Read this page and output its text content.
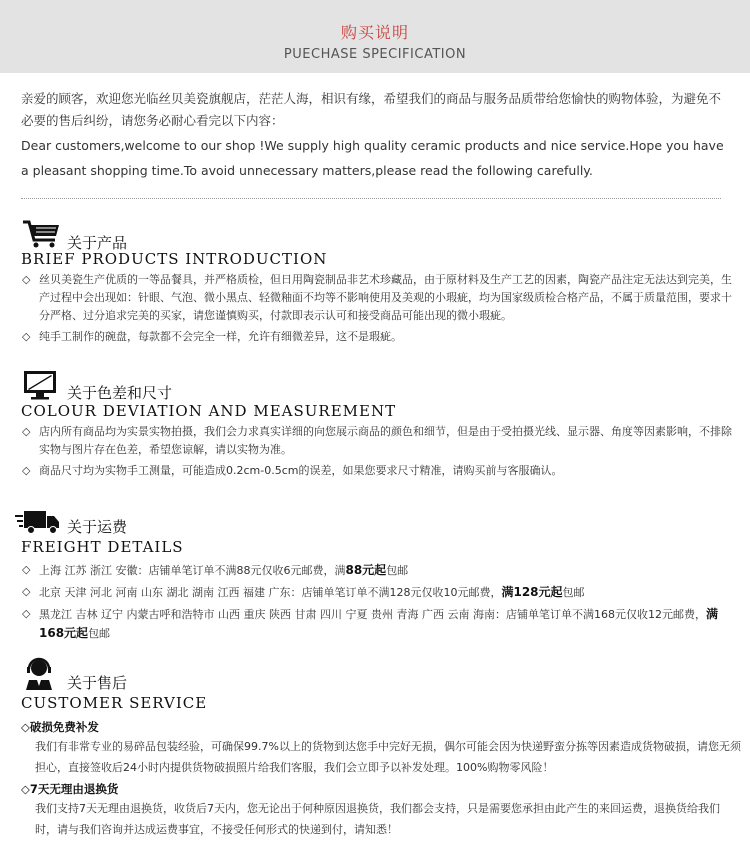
购买说明
PUECHASE SPECIFICATION

亲爱的顾客，欢迎您光临丝贝美瓷旗舰店，茫茫人海，相识有缘，希望我们的商品与服务品质带给您愉快的购物体验，为避免不必要的售后纠纷，请您务必耐心看完以下内容：

Dear customers,welcome to our shop !We supply high quality ceramic products and nice service.Hope you have a pleasant shopping time.To avoid unnecessary matters,please read the following carefully.

关于产品
BRIEF PRODUCTS INTRODUCTION
◇ 丝贝美瓷生产优质的一等品餐具，并严格质检，但日用陶瓷制品非艺术珍藏品，由于原材料及生产工艺的因素，陶瓷产品注定无法达到完美，生产过程中会出现如：针眼、气泡、微小黑点、轻微釉面不均等不影响使用及美观的小瑕疵，均为国家级质检合格产品，不属于质量范围，要求十分严格、过分追求完美的买家，请您谨慎购买，付款即表示认可和接受商品可能出现的微小瑕疵。
◇ 纯手工制作的碗盘，每款都不会完全一样，允许有细微差异，这不是瑕疵。
关于色差和尺寸
COLOUR DEVIATION AND MEASUREMENT
◇ 店内所有商品均为实景实物拍摄，我们会力求真实详细的向您展示商品的颜色和细节，但是由于受拍摄光线、显示器、角度等因素影响，不排除实物与图片存在色差，希望您谅解，请以实物为准。
◇ 商品尺寸均为实物手工测量，可能造成0.2cm-0.5cm的误差，如果您要求尺寸精准，请购买前与客服确认。
关于运费
FREIGHT DETAILS
◇ 上海 江苏 浙江 安徽：店铺单笔订单不满88元仅收6元邮费，满88元起包邮
◇ 北京 天津 河北 河南 山东 湖北 湖南 江西 福建 广东：店铺单笔订单不满128元仅收10元邮费，满128元起包邮
◇ 黑龙江 吉林 辽宁 内蒙古呼和浩特市 山西 重庆 陕西 甘肃 四川 宁夏 贵州 青海 广西 云南 海南：店铺单笔订单不满168元仅收12元邮费，满168元起包邮
关于售后
CUSTOMER SERVICE
◇破损免费补发
我们有非常专业的易碎品包装经验，可确保99.7%以上的货物到达您手中完好无损，偶尔可能会因为快递野蛮分拣等因素造成货物破损，请您无须担心，直接签收后24小时内提供货物破损照片给我们客服，我们会立即予以补发处理。100%购物零风险！
◇7天无理由退换货
我们支持7天无理由退换货，收货后7天内，您无论出于何种原因退换货，我们都会支持，只是需要您承担由此产生的来回运费，退换货给我们时，请与我们咨询并达成运费事宜，不接受任何形式的快递到付，请知悉！
